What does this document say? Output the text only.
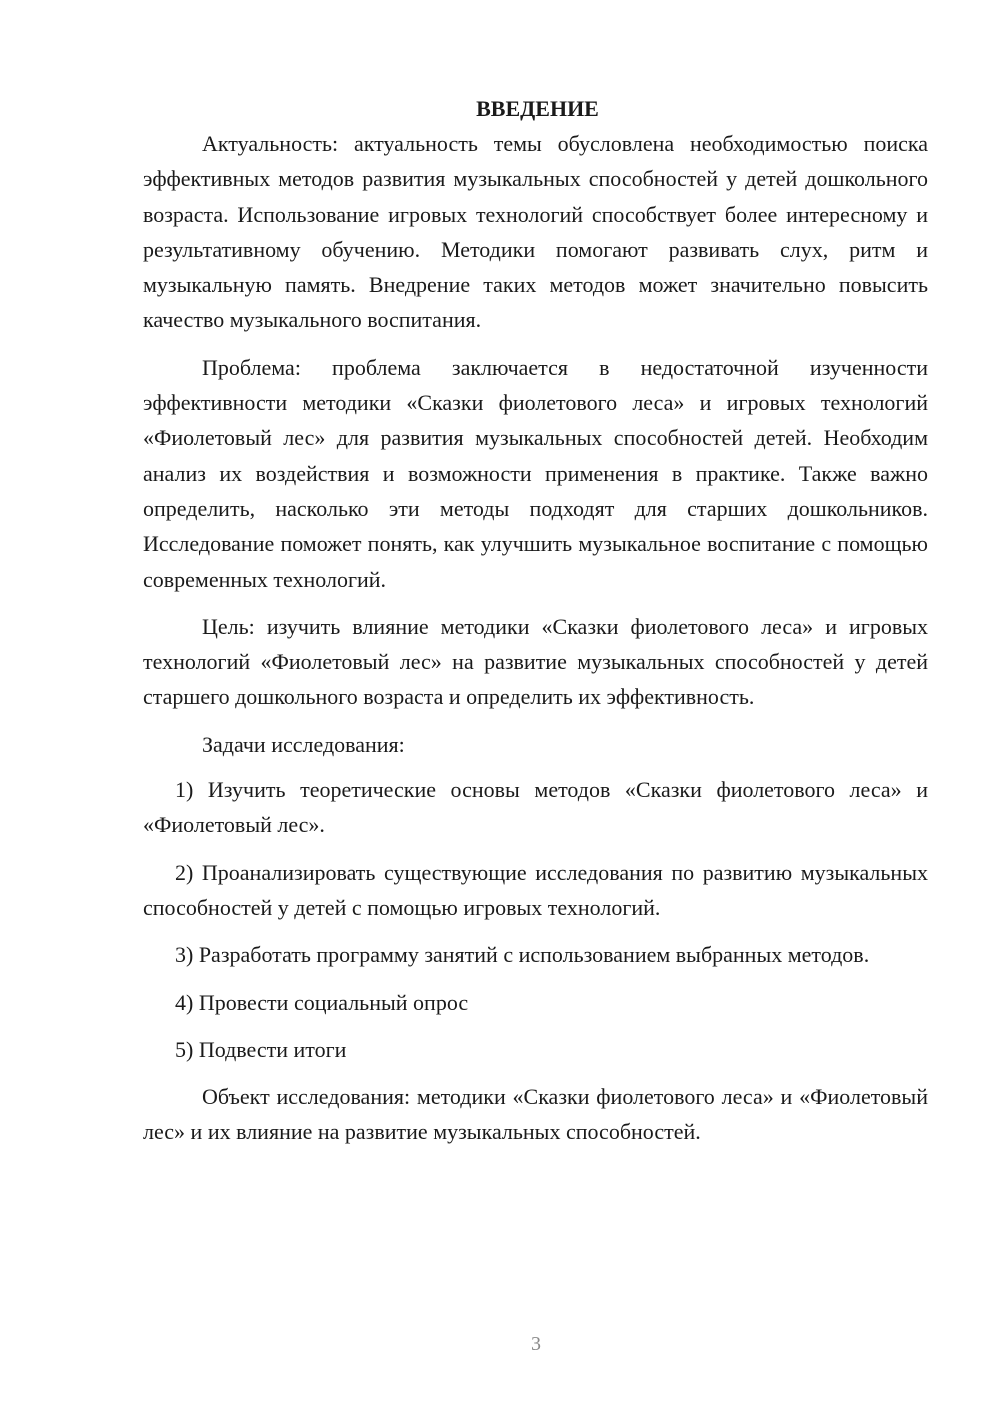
ВВЕДЕНИЕ

Актуальность: актуальность темы обусловлена необходимостью поиска эффективных методов развития музыкальных способностей у детей дошкольного возраста. Использование игровых технологий способствует более интересному и результативному обучению. Методики помогают развивать слух, ритм и музыкальную память. Внедрение таких методов может значительно повысить качество музыкального воспитания.

Проблема: проблема заключается в недостаточной изученности эффективности методики «Сказки фиолетового леса» и игровых технологий «Фиолетовый лес» для развития музыкальных способностей детей. Необходим анализ их воздействия и возможности применения в практике. Также важно определить, насколько эти методы подходят для старших дошкольников. Исследование поможет понять, как улучшить музыкальное воспитание с помощью современных технологий.

Цель: изучить влияние методики «Сказки фиолетового леса» и игровых технологий «Фиолетовый лес» на развитие музыкальных способностей у детей старшего дошкольного возраста и определить их эффективность.

Задачи исследования:

1) Изучить теоретические основы методов «Сказки фиолетового леса» и «Фиолетовый лес».

2) Проанализировать существующие исследования по развитию музыкальных способностей у детей с помощью игровых технологий.

3) Разработать программу занятий с использованием выбранных методов.

4) Провести социальный опрос

5) Подвести итоги

Объект исследования: методики «Сказки фиолетового леса» и «Фиолетовый лес» и их влияние на развитие музыкальных способностей.

3
